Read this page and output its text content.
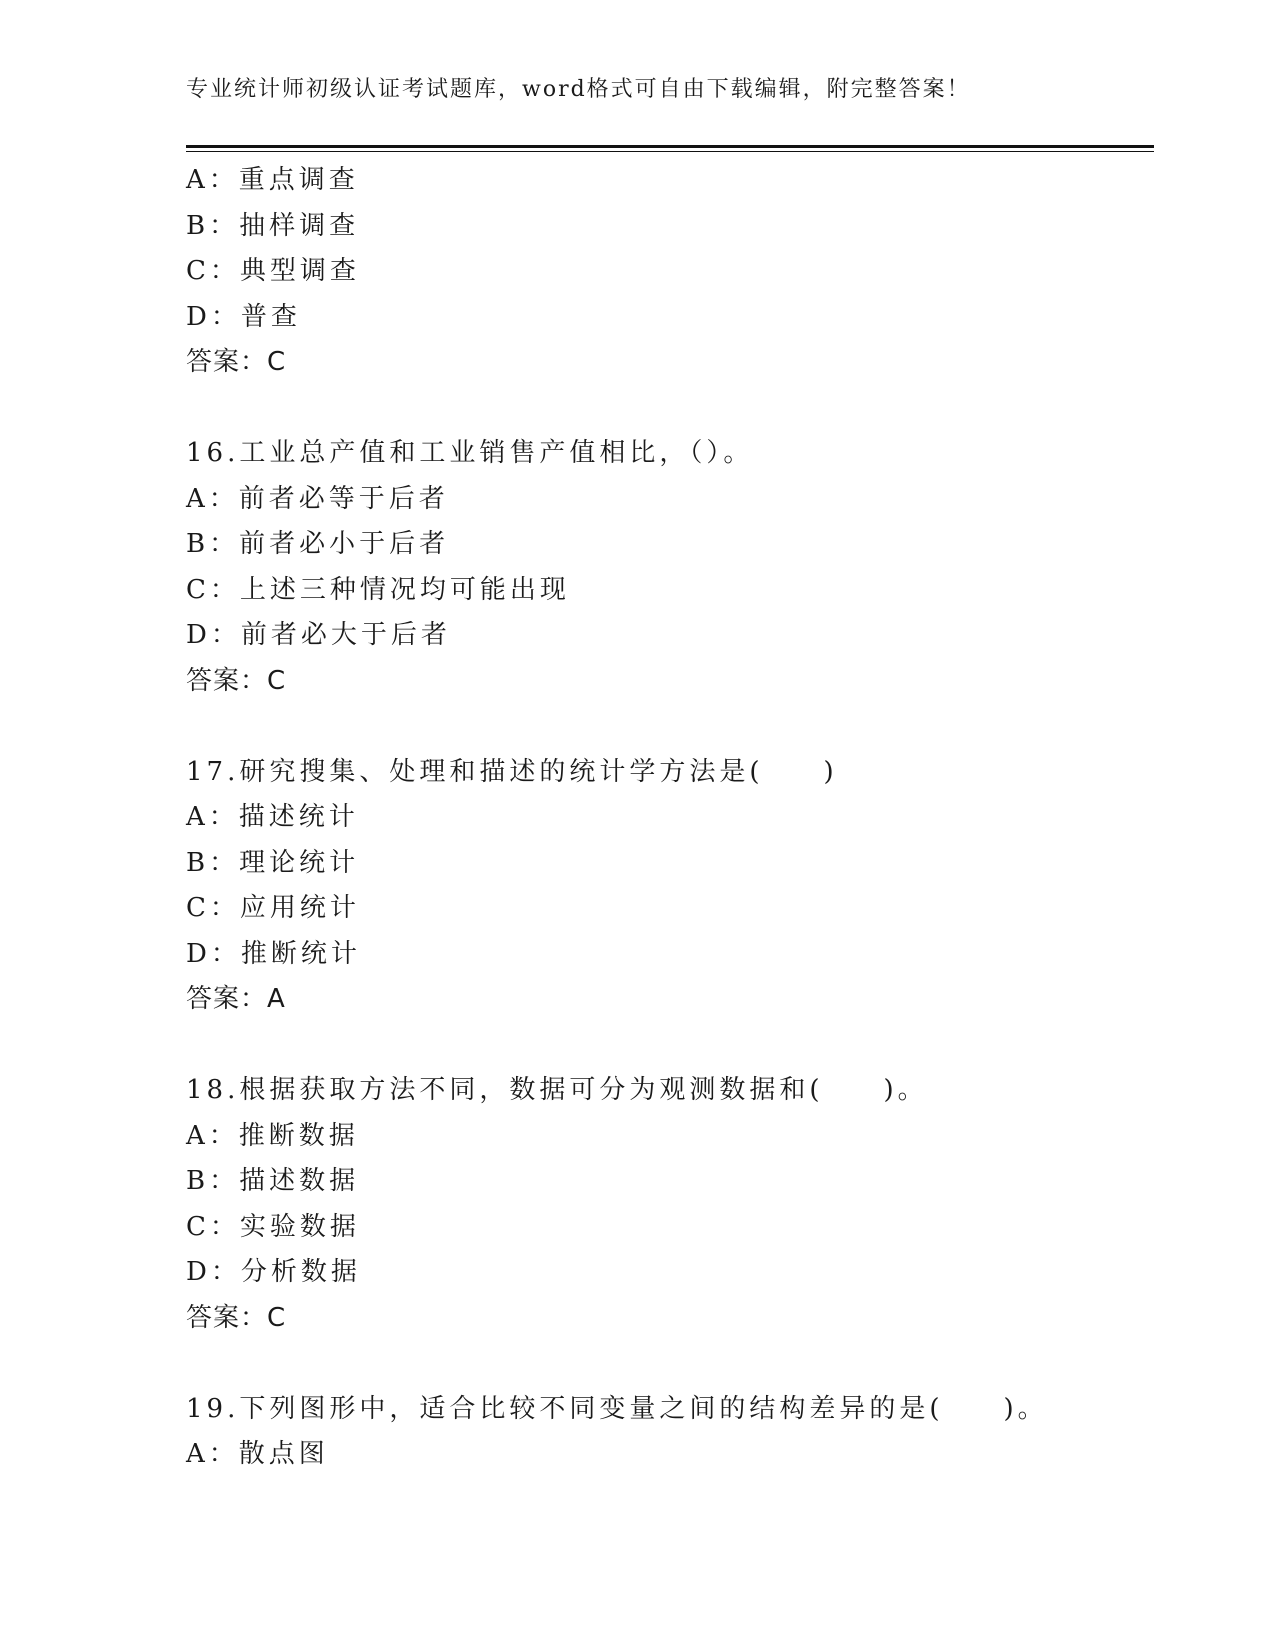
专业统计师初级认证考试题库，word格式可自由下载编辑，附完整答案！
A：重点调查
B：抽样调查
C：典型调查
D：普查
答案：C
16.工业总产值和工业销售产值相比，（）。
A：前者必等于后者
B：前者必小于后者
C：上述三种情况均可能出现
D：前者必大于后者
答案：C
17.研究搜集、处理和描述的统计学方法是(　　)
A：描述统计
B：理论统计
C：应用统计
D：推断统计
答案：A
18.根据获取方法不同，数据可分为观测数据和(　　)。
A：推断数据
B：描述数据
C：实验数据
D：分析数据
答案：C
19.下列图形中，适合比较不同变量之间的结构差异的是(　　)。
A：散点图
